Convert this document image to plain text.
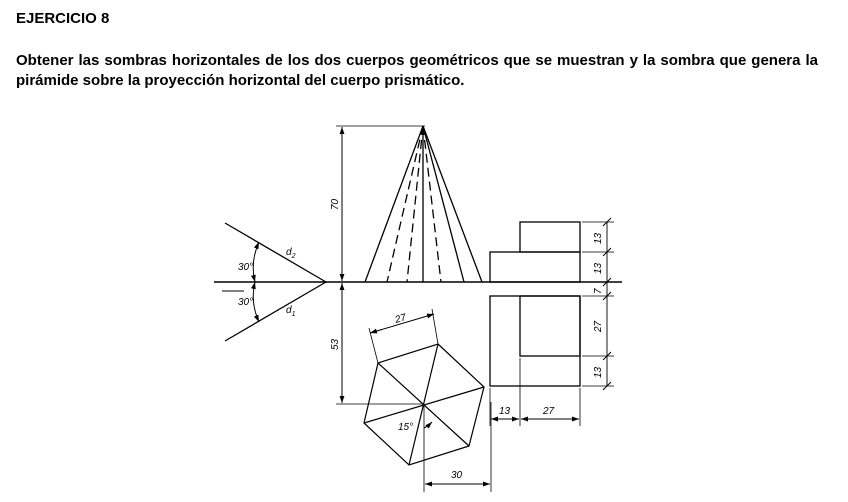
EJERCICIO 8

Obtener las sombras horizontales de los dos cuerpos geométricos que se muestran y la sombra que genera la pirámide sobre la proyección horizontal del cuerpo prismático.

70
53
27
15°
30
30°
30°
$d_2$
$d_1$
13
13
7
27
13
13	27
